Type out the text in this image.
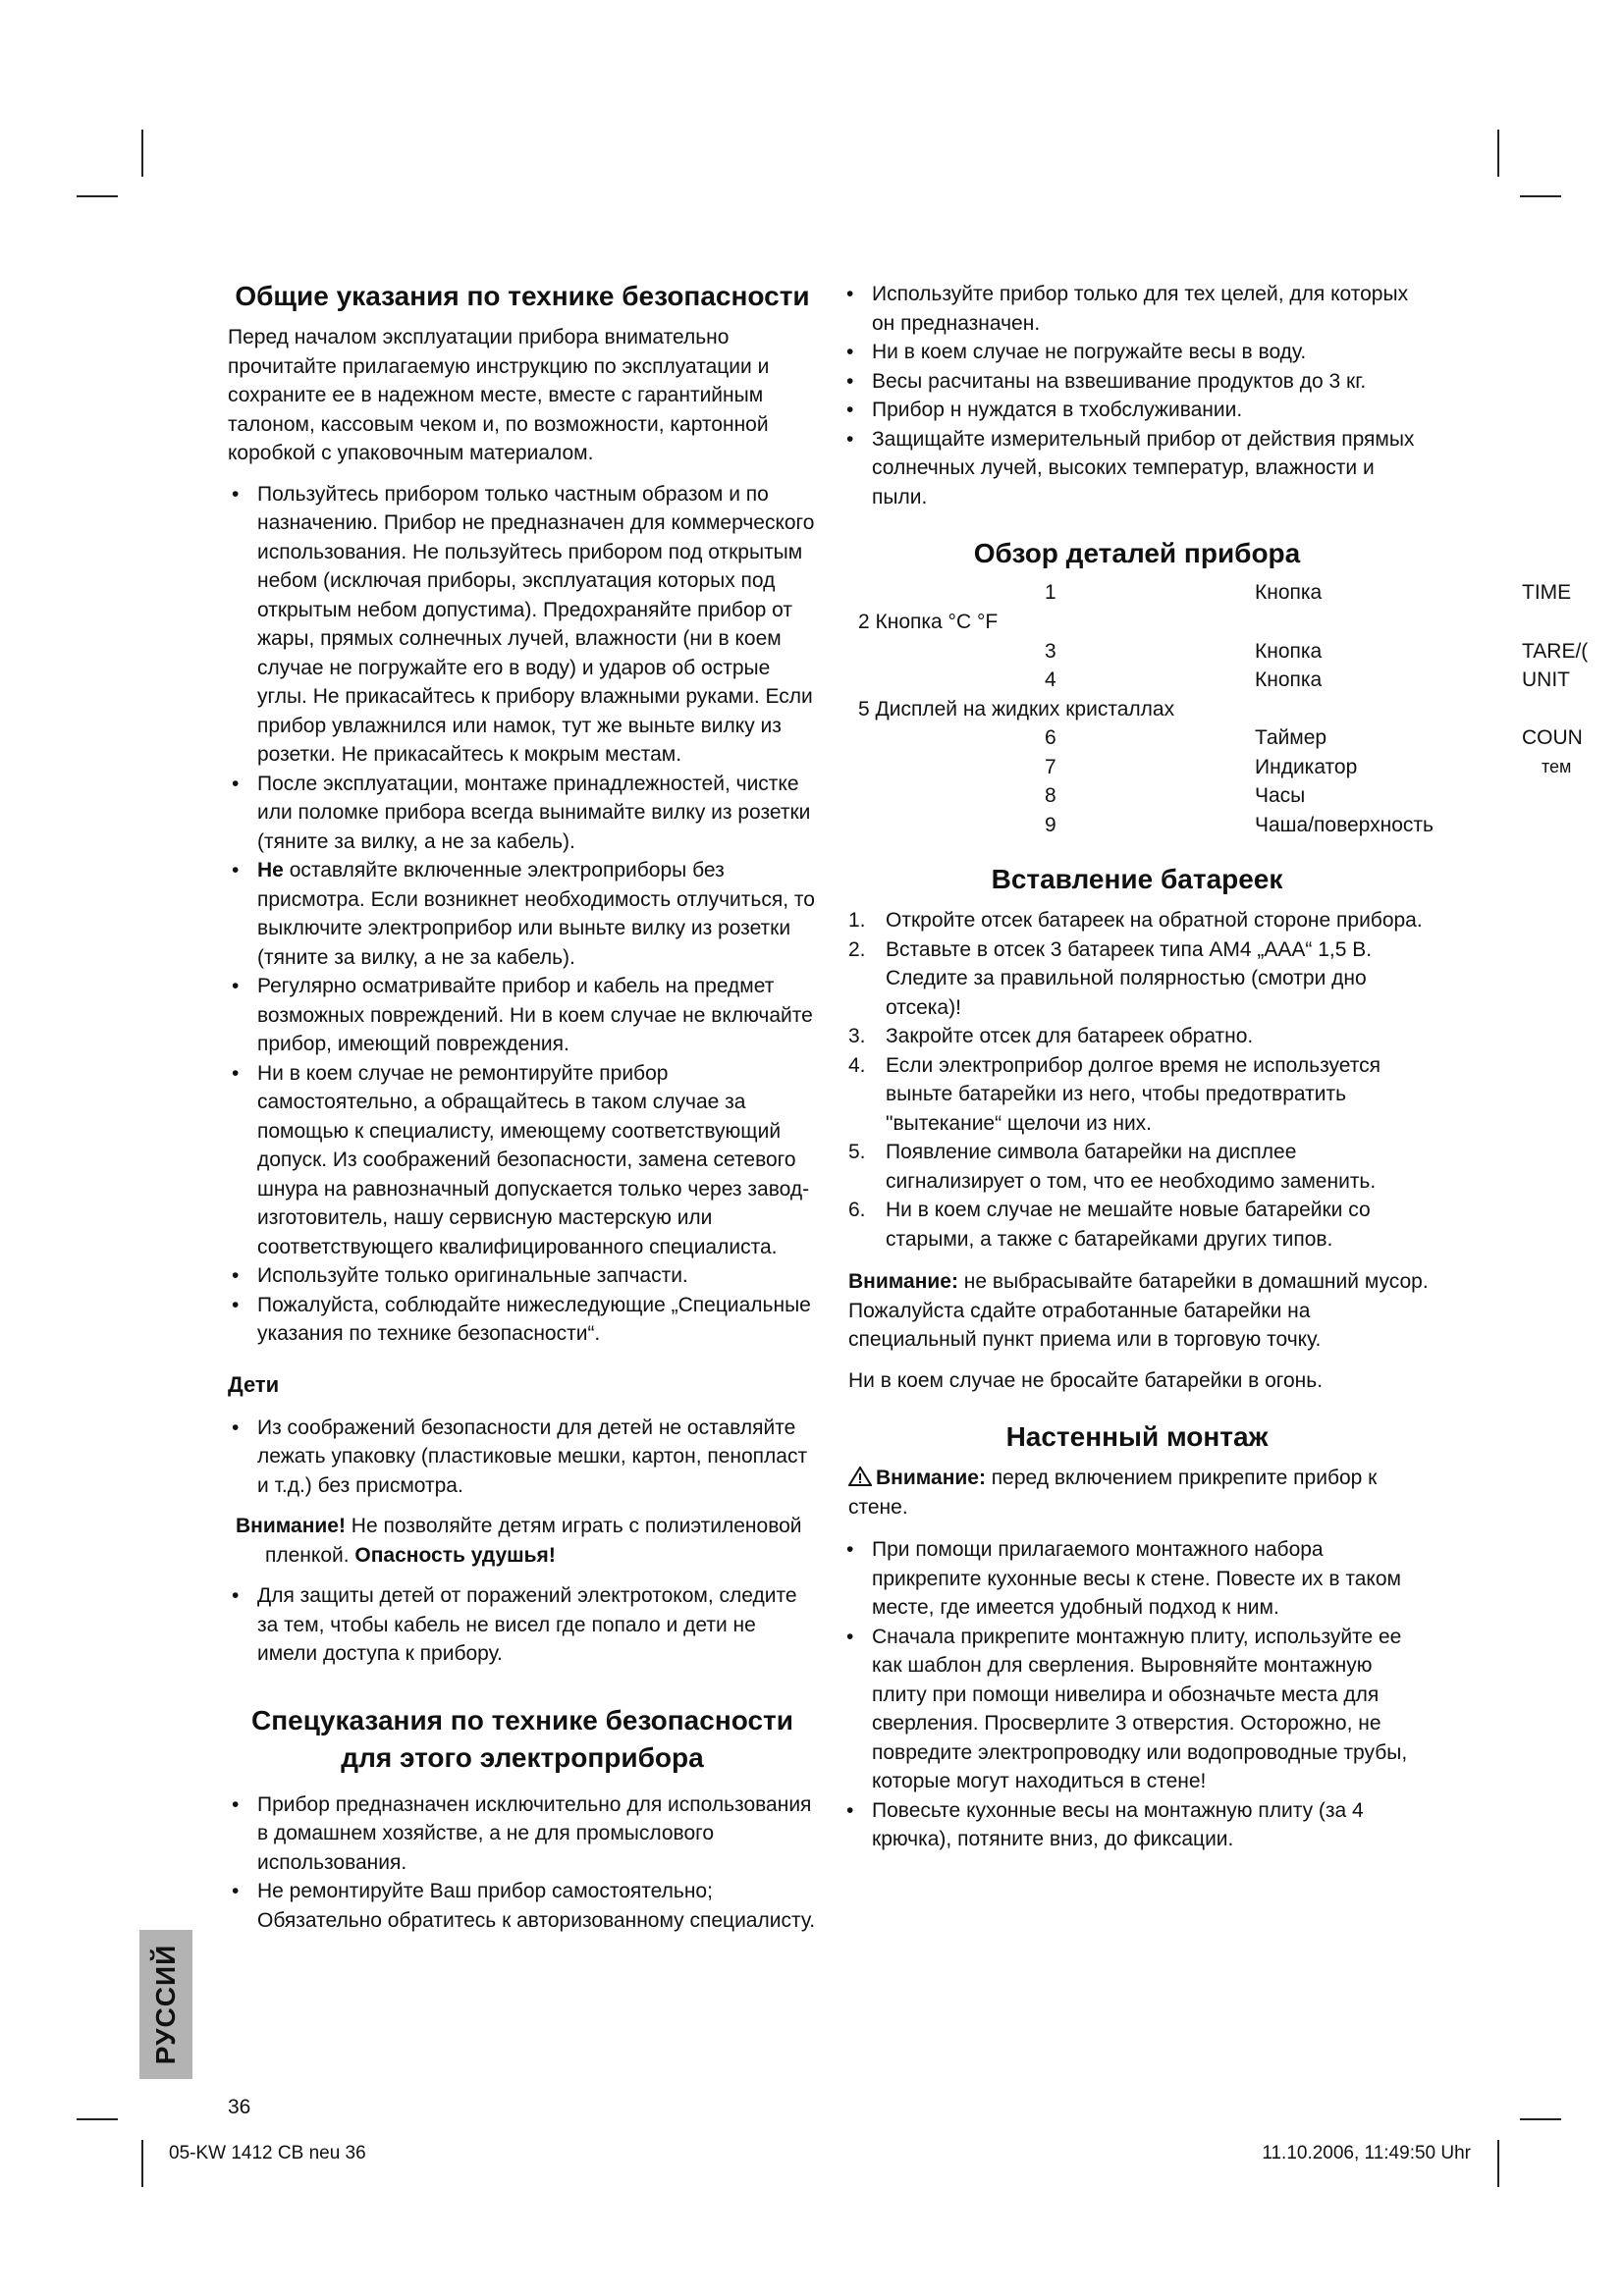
Общие указания по технике безопасности

Перед началом эксплуатации прибора внимательно прочитайте прилагаемую инструкцию по эксплуатации и сохраните ее в надежном месте, вместе с гарантийным талоном, кассовым чеком и, по возможности, картонной коробкой с упаковочным материалом.

• Пользуйтесь прибором только частным образом и по назначению. Прибор не предназначен для коммерческого использования. Не пользуйтесь прибором под открытым небом (исключая приборы, эксплуатация которых под открытым небом допустима). Предохраняйте прибор от жары, прямых солнечных лучей, влажности (ни в коем случае не погружайте его в воду) и ударов об острые углы. Не прикасайтесь к прибору влажными руками. Если прибор увлажнился или намок, тут же выньте вилку из розетки. Не прикасайтесь к мокрым местам.
• После эксплуатации, монтаже принадлежностей, чистке или поломке прибора всегда вынимайте вилку из розетки (тяните за вилку, а не за кабель).
• Не оставляйте включенные электроприборы без присмотра. Если возникнет необходимость отлучиться, то выключите электроприбор или выньте вилку из розетки (тяните за вилку, а не за кабель).
• Регулярно осматривайте прибор и кабель на предмет возможных повреждений. Ни в коем случае не включайте прибор, имеющий повреждения.
• Ни в коем случае не ремонтируйте прибор самостоятельно, а обращайтесь в таком случае за помощью к специалисту, имеющему соответствующий допуск. Из соображений безопасности, замена сетевого шнура на равнозначный допускается только через завод-изготовитель, нашу сервисную мастерскую или соответствующего квалифицированного специалиста.
• Используйте только оригинальные запчасти.
• Пожалуйста, соблюдайте нижеследующие „Специальные указания по технике безопасности“.
Дети
• Из соображений безопасности для детей не оставляйте лежать упаковку (пластиковые мешки, картон, пенопласт и т.д.) без присмотра.

Внимание! Не позволяйте детям играть с полиэтиленовой пленкой. Опасность удушья!

• Для защиты детей от поражений электротоком, следите за тем, чтобы кабель не висел где попало и дети не имели доступа к прибору.
Спецуказания по технике безопасности
для этого электроприбора
• Прибор предназначен исключительно для использования в домашнем хозяйстве, а не для промыслового использования.
• Не ремонтируйте Ваш прибор самостоятельно; Обязательно обратитесь к авторизованному специалисту.
• Используйте прибор только для тех целей, для которых он предназначен.
• Ни в коем случае не погружайте весы в воду.
• Весы расчитаны на взвешивание продуктов до 3 кг.
• Прибор н нуждатся в тхобслуживании.
• Защищайте измерительный прибор от действия прямых солнечных лучей, высоких температур, влажности и пыли.
Обзор деталей прибора
1	Кнопка	TIME
2 Кнопка °C °F
3	Кнопка	TARE/(
4	Кнопка	UNIT
5 Дисплей на жидких кристаллах
6	Таймер	COUN
7	Индикатор	тем
8	Часы
9	Чаша/поверхность
Вставление батареек
1. Откройте отсек батареек на обратной стороне прибора.
2. Вставьте в отсек 3 батареек типа AM4 „AAA“ 1,5 В. Следите за правильной полярностью (смотри дно отсека)!
3. Закройте отсек для батареек обратно.
4. Если электроприбор долгое время не используется выньте батарейки из него, чтобы предотвратить "вытекание“ щелочи из них.
5. Появление символа батарейки на дисплее сигнализирует о том, что ее необходимо заменить.
6. Ни в коем случае не мешайте новые батарейки со старыми, а также с батарейками других типов.

Внимание: не выбрасывайте батарейки в домашний мусор. Пожалуйста сдайте отработанные батарейки на специальный пункт приема или в торговую точку.

Ни в коем случае не бросайте батарейки в огонь.

Настенный монтаж

Внимание: перед включением прикрепите прибор к стене.

• При помощи прилагаемого монтажного набора прикрепите кухонные весы к стене. Повесте их в таком месте, где имеется удобный подход к ним.
• Сначала прикрепите монтажную плиту, используйте ее как шаблон для сверления. Выровняйте монтажную плиту при помощи нивелира и обозначьте места для сверления. Просверлите 3 отверстия. Осторожно, не повредите электропроводку или водопроводные трубы, которые могут находиться в стене!
• Повесьте кухонные весы на монтажную плиту (за 4 крючка), потяните вниз, до фиксации.
РУССИЙ
36
05-KW 1412 CB neu 36	11.10.2006, 11:49:50 Uhr
